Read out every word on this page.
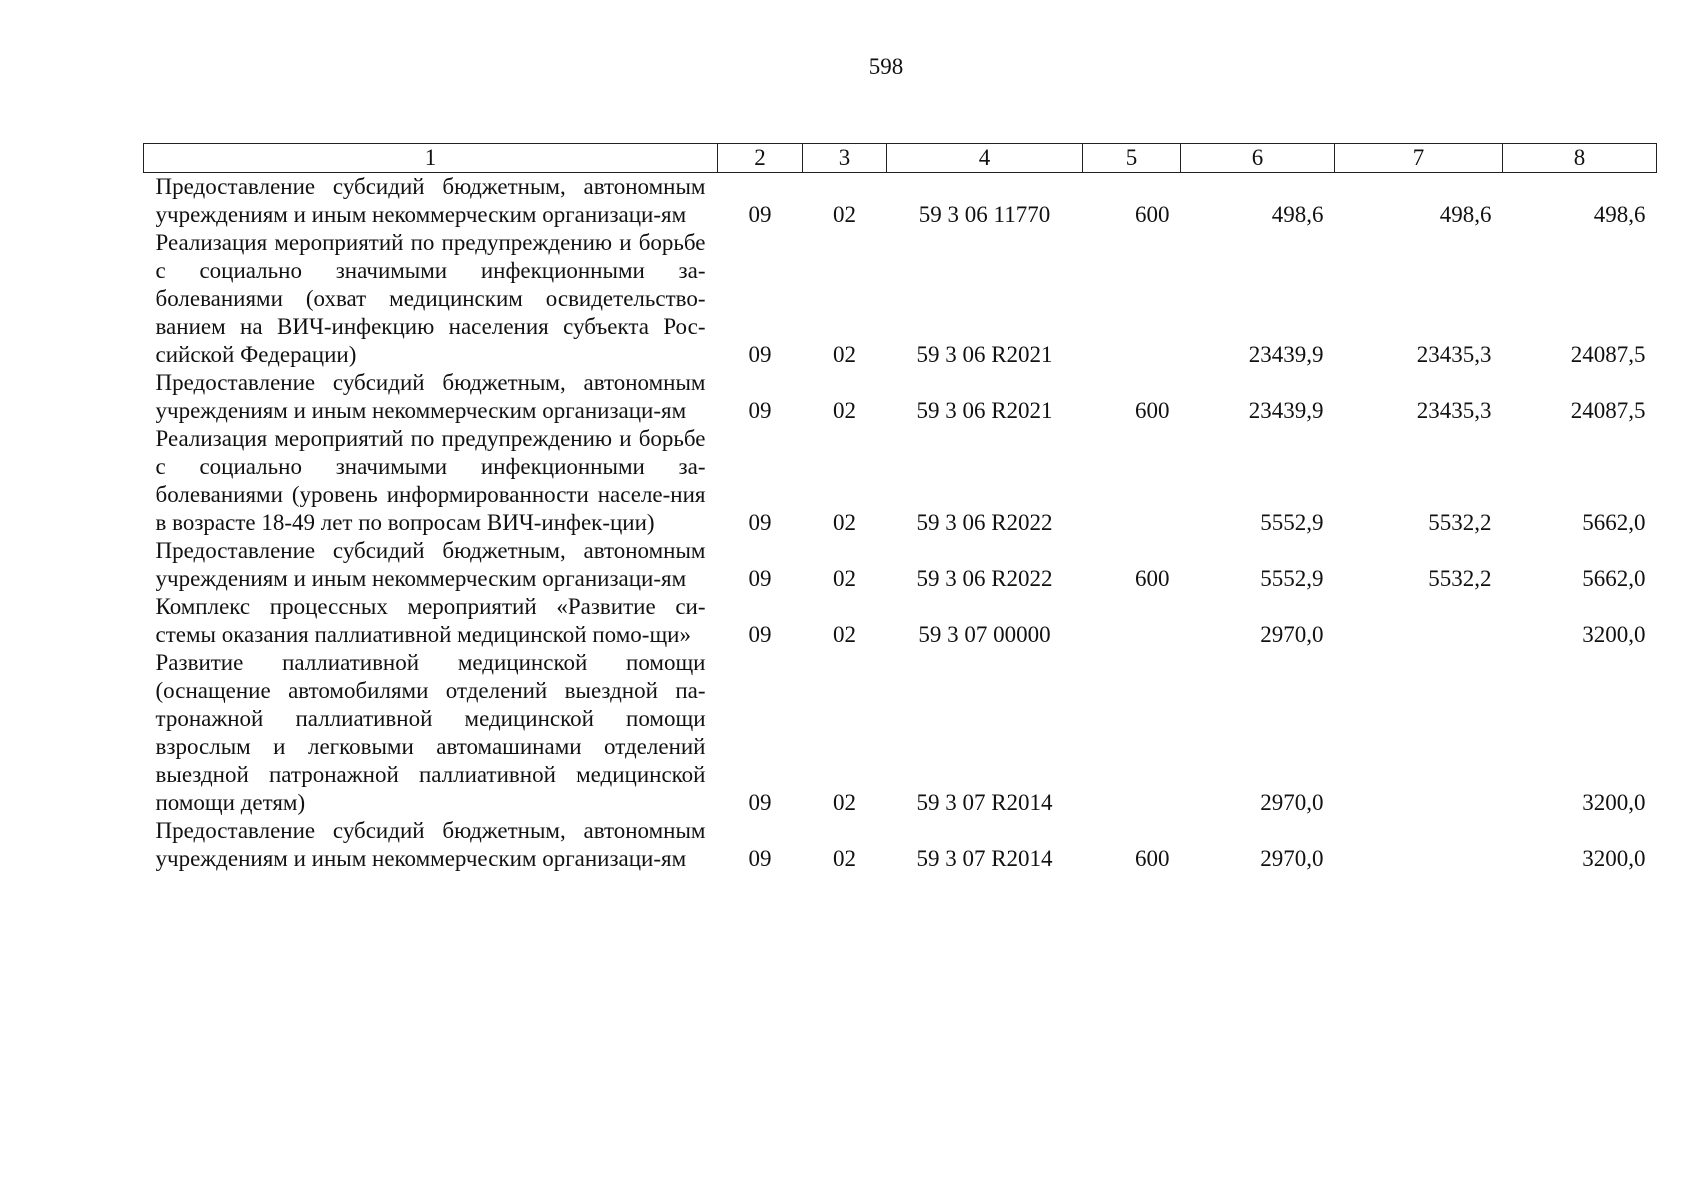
598
1	2	3	4	5	6	7	8
Предоставление субсидий бюджетным, автономным учреждениям и иным некоммерческим организаци-ям	09	02	59 3 06 11770	600	498,6	498,6	498,6
Реализация мероприятий по предупреждению и борьбе с социально значимыми инфекционными за-болеваниями (охват медицинским освидетельство-ванием на ВИЧ-инфекцию населения субъекта Рос-сийской Федерации)	09	02	59 3 06 R2021		23439,9	23435,3	24087,5
Предоставление субсидий бюджетным, автономным учреждениям и иным некоммерческим организаци-ям	09	02	59 3 06 R2021	600	23439,9	23435,3	24087,5
Реализация мероприятий по предупреждению и борьбе с социально значимыми инфекционными за-болеваниями (уровень информированности населе-ния в возрасте 18-49 лет по вопросам ВИЧ-инфек-ции)	09	02	59 3 06 R2022		5552,9	5532,2	5662,0
Предоставление субсидий бюджетным, автономным учреждениям и иным некоммерческим организаци-ям	09	02	59 3 06 R2022	600	5552,9	5532,2	5662,0
Комплекс процессных мероприятий «Развитие си-стемы оказания паллиативной медицинской помо-щи»	09	02	59 3 07 00000		2970,0		3200,0
Развитие паллиативной медицинской помощи (оснащение автомобилями отделений выездной па-тронажной паллиативной медицинской помощи взрослым и легковыми автомашинами отделений выездной патронажной паллиативной медицинской помощи детям)	09	02	59 3 07 R2014		2970,0		3200,0
Предоставление субсидий бюджетным, автономным учреждениям и иным некоммерческим организаци-ям	09	02	59 3 07 R2014	600	2970,0		3200,0
